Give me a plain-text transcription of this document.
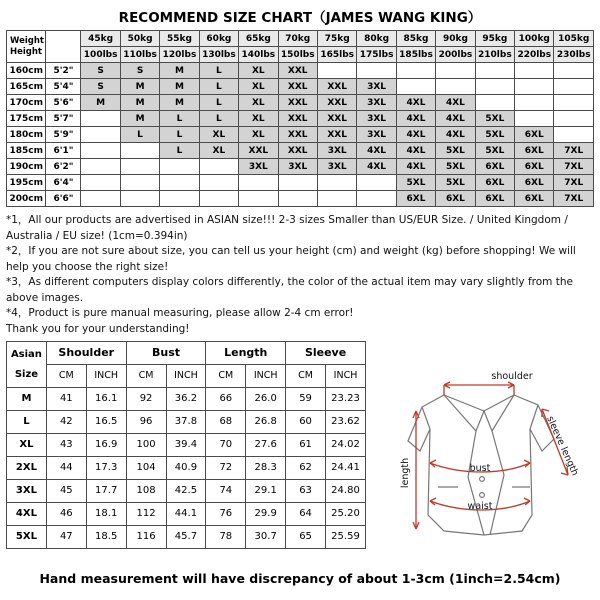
RECOMMEND SIZE CHART（JAMES WANG KING）
Weight
Height		45kg	50kg	55kg	60kg	65kg	70kg	75kg	80kg	85kg	90kg	95kg	100kg	105kg
		100lbs	110lbs	120lbs	130lbs	140lbs	150lbs	165lbs	175lbs	185lbs	200lbs	210lbs	220lbs	230lbs
160cm	5'2"	S	S	M	L	XL	XXL							
165cm	5'4"	S	M	M	L	XL	XXL	XXL	3XL					
170cm	5'6"	M	M	M	L	XL	XXL	XXL	3XL	4XL	4XL			
175cm	5'7"		M	L	L	XL	XXL	XXL	3XL	4XL	4XL	5XL		
180cm	5'9"		L	L	XL	XL	XXL	XXL	3XL	4XL	4XL	5XL	6XL	
185cm	6'1"			L	XL	XXL	XXL	3XL	4XL	4XL	5XL	5XL	6XL	7XL
190cm	6'2"					3XL	3XL	3XL	4XL	4XL	5XL	6XL	6XL	7XL
195cm	6'4"									5XL	5XL	6XL	6XL	7XL
200cm	6'6"									6XL	6XL	6XL	6XL	7XL

*1，All our products are advertised in ASIAN size!!! 2-3 sizes Smaller than US/EUR Size. / United Kingdom / Australia / EU size! (1cm=0.394in)

*2，If you are not sure about size, you can tell us your height (cm) and weight (kg) before shopping! We will help you choose the right size!

*3，As different computers display colors differently, the color of the actual item may vary slightly from the above images.

*4，Product is pure manual measuring, please allow 2-4 cm error!

Thank you for your understanding!

Asian
Size	Shoulder		Bust		Length		Sleeve	
	CM	INCH	CM	INCH	CM	INCH	CM	INCH
M	41	16.1	92	36.2	66	26.0	59	23.23
L	42	16.5	96	37.8	68	26.8	60	23.62
XL	43	16.9	100	39.4	70	27.6	61	24.02
2XL	44	17.3	104	40.9	72	28.3	62	24.41
3XL	45	17.7	108	42.5	74	29.1	63	24.80
4XL	46	18.1	112	44.1	76	29.9	64	25.20
5XL	47	18.5	116	45.7	78	30.7	65	25.59
shoulder
bust
waist
length	sleeve length
Hand measurement will have discrepancy of about 1-3cm (1inch=2.54cm)
